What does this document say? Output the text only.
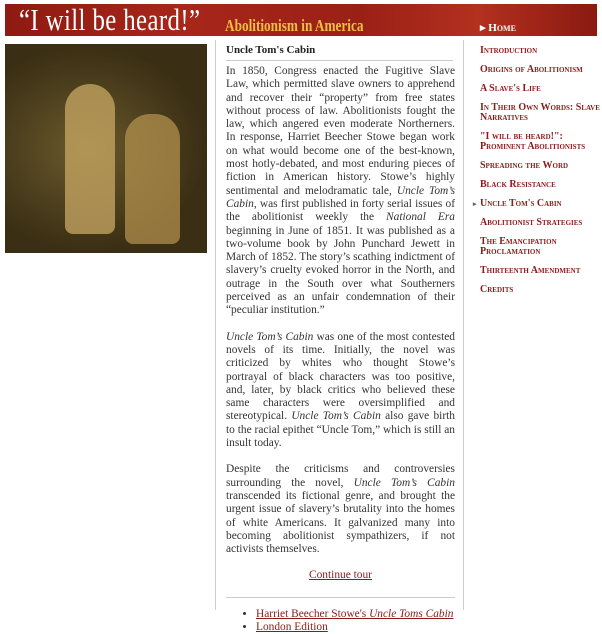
“I will be heard!” Abolitionism in America	▸ Home
Uncle Tom's Cabin

In 1850, Congress enacted the Fugitive Slave Law, which permitted slave owners to apprehend and recover their “property” from free states without process of law. Abolitionists fought the law, which angered even moderate Northerners. In response, Harriet Beecher Stowe began work on what would become one of the best-known, most hotly-debated, and most enduring pieces of fiction in American history. Stowe’s highly sentimental and melodramatic tale, Uncle Tom’s Cabin, was first published in forty serial issues of the abolitionist weekly the National Era beginning in June of 1851. It was published as a two-volume book by John Punchard Jewett in March of 1852. The story’s scathing indictment of slavery’s cruelty evoked horror in the North, and outrage in the South over what Southerners perceived as an unfair condemnation of their “peculiar institution.”

Uncle Tom’s Cabin was one of the most contested novels of its time. Initially, the novel was criticized by whites who thought Stowe’s portrayal of black characters was too positive, and, later, by black critics who believed these same characters were oversimplified and stereotypical. Uncle Tom’s Cabin also gave birth to the racial epithet “Uncle Tom,” which is still an insult today.

Despite the criticisms and controversies surrounding the novel, Uncle Tom’s Cabin transcended its fictional genre, and brought the urgent issue of slavery’s brutality into the homes of white Americans. It galvanized many into becoming abolitionist sympathizers, if not activists themselves.

Continue tour

• Harriet Beecher Stowe's Uncle Toms Cabin
• London Edition
Introduction
Origins of Abolitionism
A Slave's Life
In Their Own Words: Slave Narratives
"I will be heard!": Prominent Abolitionists
Spreading the Word
Black Resistance
▸ Uncle Tom's Cabin
Abolitionist Strategies
The Emancipation Proclamation
Thirteenth Amendment
Credits
